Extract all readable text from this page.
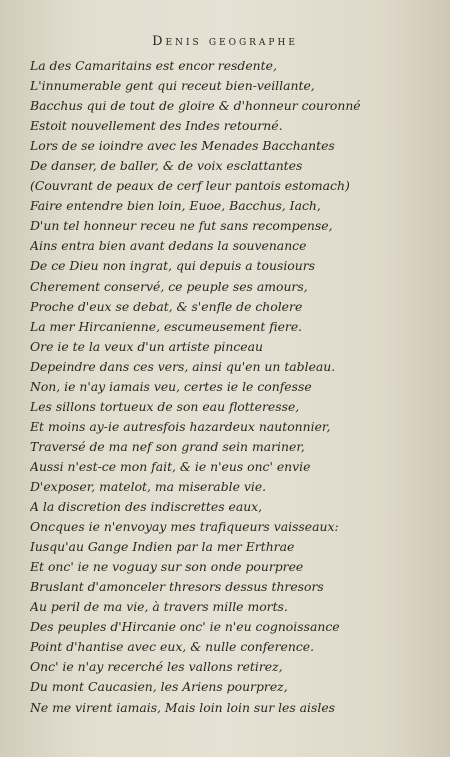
Denis geographe
La des Camaritains est encor resdente,
L'innumerable gent qui receut bien-veillante,
Bacchus qui de tout de gloire & d'honneur couronné
Estoit nouvellement des Indes retourné.
Lors de se ioindre avec les Menades Bacchantes
De danser, de baller, & de voix esclattantes
(Couvrant de peaux de cerf leur pantois estomach)
Faire entendre bien loin, Euoe, Bacchus, Iach,
D'un tel honneur receu ne fut sans recompense,
Ains entra bien avant dedans la souvenance
De ce Dieu non ingrat, qui depuis a tousiours
Cherement conservé, ce peuple ses amours,
Proche d'eux se debat, & s'enfle de cholere
La mer Hircanienne, escumeusement fiere.
Ore ie te la veux d'un artiste pinceau
Depeindre dans ces vers, ainsi qu'en un tableau.
Non, ie n'ay iamais veu, certes ie le confesse
Les sillons tortueux de son eau flotteresse,
Et moins ay-ie autresfois hazardeux nautonnier,
Traversé de ma nef son grand sein mariner,
Aussi n'est-ce mon fait, & ie n'eus onc' envie
D'exposer, matelot, ma miserable vie.
A la discretion des indiscrettes eaux,
Oncques ie n'envoyay mes trafiqueurs vaisseaux:
Iusqu'au Gange Indien par la mer Erthrae
Et onc' ie ne voguay sur son onde pourpree
Bruslant d'amonceler thresors dessus thresors
Au peril de ma vie, à travers mille morts.
Des peuples d'Hircanie onc' ie n'eu cognoissance
Point d'hantise avec eux, & nulle conference.
Onc' ie n'ay recerché les vallons retirez,
Du mont Caucasien, les Ariens pourprez,
Ne me virent iamais, Mais loin loin sur les aisles
